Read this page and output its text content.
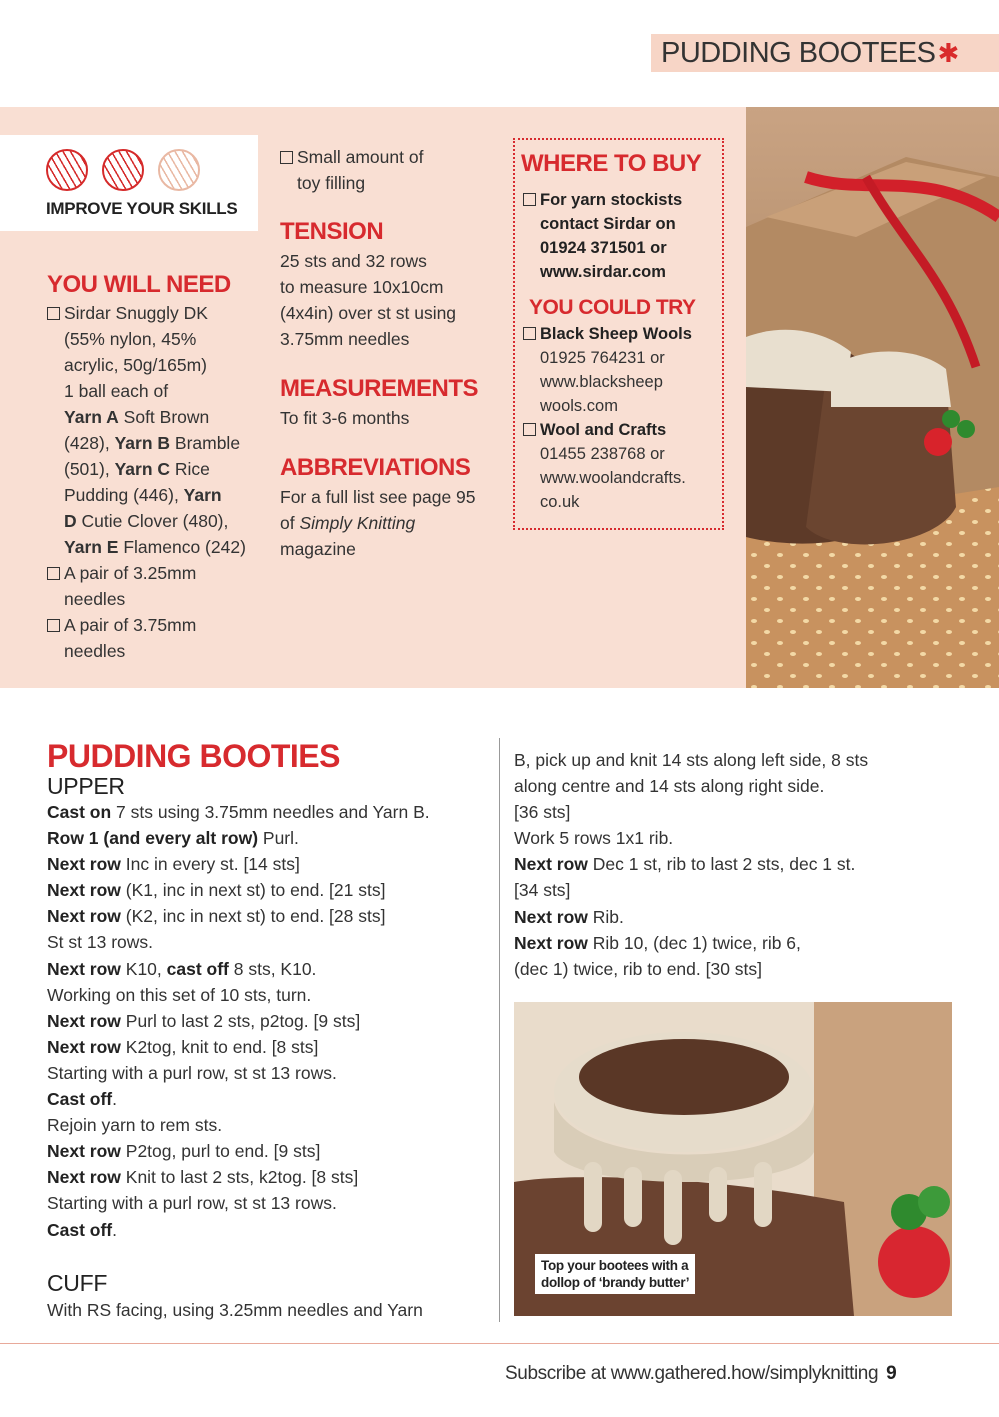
PUDDING BOOTEES ✱
IMPROVE YOUR SKILLS
YOU WILL NEED
Sirdar Snuggly DK
(55% nylon, 45%
acrylic, 50g/165m)
1 ball each of
Yarn A Soft Brown
(428), Yarn B Bramble
(501), Yarn C Rice
Pudding (446), Yarn
D Cutie Clover (480),
Yarn E Flamenco (242)
A pair of 3.25mm
needles
A pair of 3.75mm
needles
Small amount of
toy filling
TENSION
25 sts and 32 rows
to measure 10x10cm
(4x4in) over st st using
3.75mm needles
MEASUREMENTS
To fit 3-6 months
ABBREVIATIONS
For a full list see page 95
of Simply Knitting
magazine
WHERE TO BUY
For yarn stockists
contact Sirdar on
01924 371501 or
www.sirdar.com
YOU COULD TRY
Black Sheep Wools
01925 764231 or
www.blacksheep
wools.com
Wool and Crafts
01455 238768 or
www.woolandcrafts.
co.uk
PUDDING BOOTIES
UPPER
Cast on 7 sts using 3.75mm needles and Yarn B.
Row 1 (and every alt row) Purl.
Next row Inc in every st. [14 sts]
Next row (K1, inc in next st) to end. [21 sts]
Next row (K2, inc in next st) to end. [28 sts]
St st 13 rows.
Next row K10, cast off 8 sts, K10.
Working on this set of 10 sts, turn.
Next row Purl to last 2 sts, p2tog. [9 sts]
Next row K2tog, knit to end. [8 sts]
Starting with a purl row, st st 13 rows.
Cast off.
Rejoin yarn to rem sts.
Next row P2tog, purl to end. [9 sts]
Next row Knit to last 2 sts, k2tog. [8 sts]
Starting with a purl row, st st 13 rows.
Cast off.
CUFF
With RS facing, using 3.25mm needles and Yarn
B, pick up and knit 14 sts along left side, 8 sts
along centre and 14 sts along right side.
[36 sts]
Work 5 rows 1x1 rib.
Next row Dec 1 st, rib to last 2 sts, dec 1 st.
[34 sts]
Next row Rib.
Next row Rib 10, (dec 1) twice, rib 6,
(dec 1) twice, rib to end. [30 sts]
Top your bootees with a
dollop of ‘brandy butter’
Subscribe at www.gathered.how/simplyknitting 9
